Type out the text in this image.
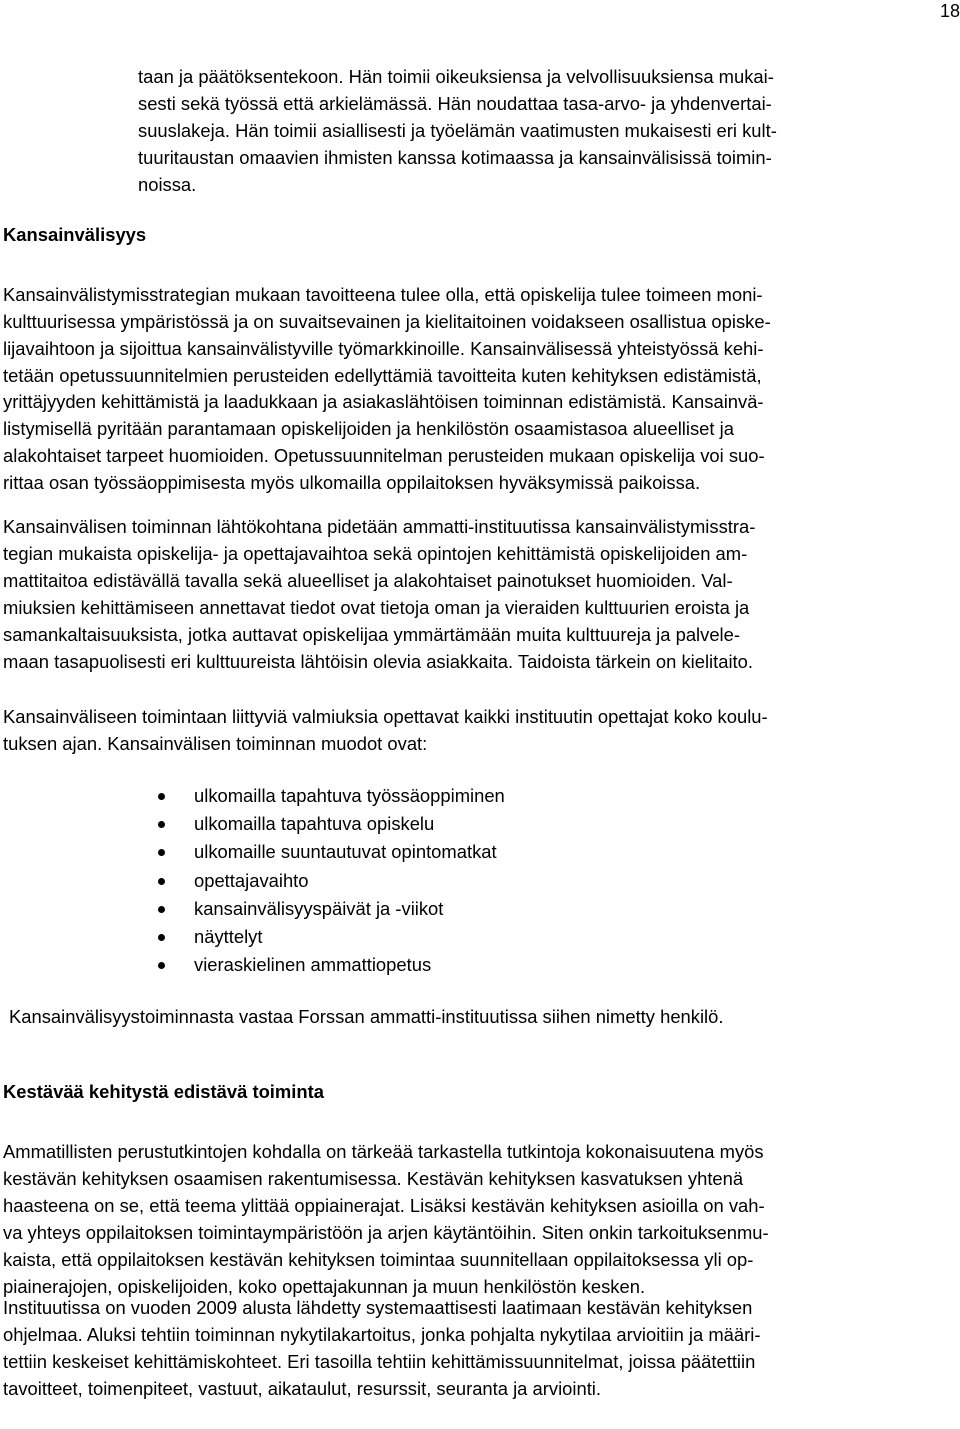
18
taan ja päätöksentekoon. Hän toimii oikeuksiensa ja velvollisuuksiensa mukai-
sesti sekä työssä että arkielämässä. Hän noudattaa tasa-arvo- ja yhdenvertai-
suuslakeja. Hän toimii asiallisesti ja työelämän vaatimusten mukaisesti eri kult-
tuuritaustan omaavien ihmisten kanssa kotimaassa ja kansainvälisissä toimin-
noissa.
Kansainvälisyys
Kansainvälistymisstrategian mukaan tavoitteena tulee olla, että opiskelija tulee toimeen moni-
kulttuurisessa ympäristössä ja on suvaitsevainen ja kielitaitoinen voidakseen osallistua opiske-
lijavaihtoon ja sijoittua kansainvälistyville työmarkkinoille. Kansainvälisessä yhteistyössä kehi-
tetään opetussuunnitelmien perusteiden edellyttämiä tavoitteita kuten kehityksen edistämistä,
yrittäjyyden kehittämistä ja laadukkaan ja asiakaslähtöisen toiminnan edistämistä. Kansainvä-
listymisellä pyritään parantamaan opiskelijoiden ja henkilöstön osaamistasoa alueelliset ja
alakohtaiset tarpeet huomioiden. Opetussuunnitelman perusteiden mukaan opiskelija voi suo-
rittaa osan työssäoppimisesta myös ulkomailla oppilaitoksen hyväksymissä paikoissa.
Kansainvälisen toiminnan lähtökohtana pidetään ammatti-instituutissa kansainvälistymisstra-
tegian mukaista opiskelija- ja opettajavaihtoa sekä opintojen kehittämistä opiskelijoiden am-
mattitaitoa edistävällä tavalla sekä alueelliset ja alakohtaiset painotukset huomioiden. Val-
miuksien kehittämiseen annettavat tiedot ovat tietoja oman ja vieraiden kulttuurien eroista ja
samankaltaisuuksista, jotka auttavat opiskelijaa ymmärtämään muita kulttuureja ja palvele-
maan tasapuolisesti eri kulttuureista lähtöisin olevia asiakkaita. Taidoista tärkein on kielitaito.
Kansainväliseen toimintaan liittyviä valmiuksia opettavat kaikki instituutin opettajat koko koulu-
tuksen ajan. Kansainvälisen toiminnan muodot ovat:
ulkomailla tapahtuva työssäoppiminen
ulkomailla tapahtuva opiskelu
ulkomaille suuntautuvat opintomatkat
opettajavaihto
kansainvälisyyspäivät ja -viikot
näyttelyt
vieraskielinen ammattiopetus
Kansainvälisyystoiminnasta vastaa Forssan ammatti-instituutissa siihen nimetty henkilö.
Kestävää kehitystä edistävä toiminta
Ammatillisten perustutkintojen kohdalla on tärkeää tarkastella tutkintoja kokonaisuutena myös
kestävän kehityksen osaamisen rakentumisessa. Kestävän kehityksen kasvatuksen yhtenä
haasteena on se, että teema ylittää oppiainerajat. Lisäksi kestävän kehityksen asioilla on vah-
va yhteys oppilaitoksen toimintaympäristöön ja arjen käytäntöihin. Siten onkin tarkoituksenmu-
kaista, että oppilaitoksen kestävän kehityksen toimintaa suunnitellaan oppilaitoksessa yli op-
piainerajojen, opiskelijoiden, koko opettajakunnan ja muun henkilöstön kesken.
Instituutissa on vuoden 2009 alusta lähdetty systemaattisesti laatimaan kestävän kehityksen
ohjelmaa. Aluksi tehtiin toiminnan nykytilakartoitus, jonka pohjalta nykytilaa arvioitiin ja määri-
tettiin keskeiset kehittämiskohteet. Eri tasoilla tehtiin kehittämissuunnitelmat, joissa päätettiin
tavoitteet, toimenpiteet, vastuut, aikataulut, resurssit, seuranta ja arviointi.
